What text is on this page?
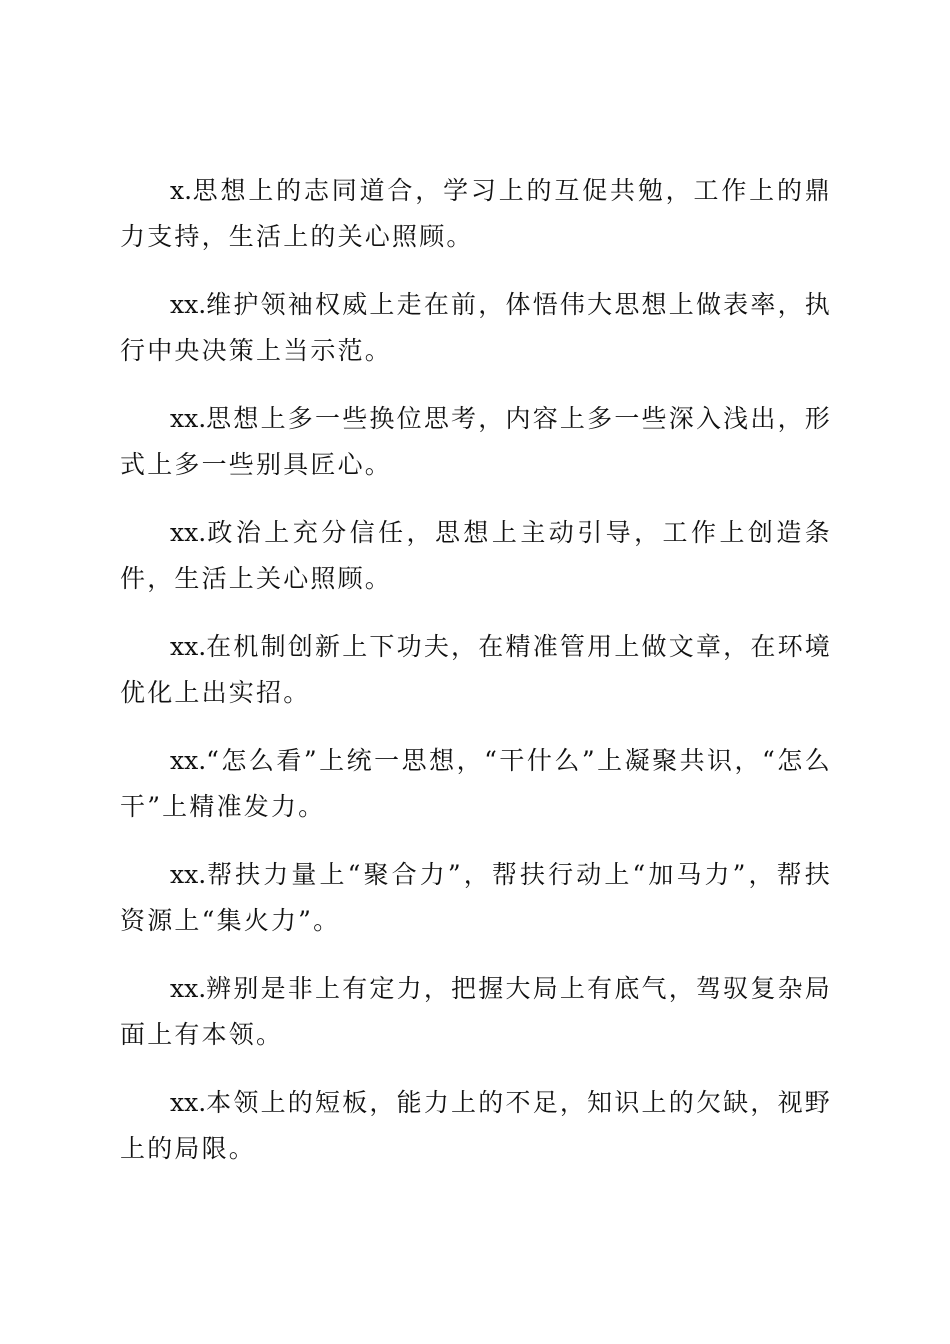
x.思想上的志同道合，学习上的互促共勉，工作上的鼎力支持，生活上的关心照顾。

xx.维护领袖权威上走在前，体悟伟大思想上做表率，执行中央决策上当示范。

xx.思想上多一些换位思考，内容上多一些深入浅出，形式上多一些别具匠心。

xx.政治上充分信任，思想上主动引导，工作上创造条件，生活上关心照顾。

xx.在机制创新上下功夫，在精准管用上做文章，在环境优化上出实招。

xx.“怎么看”上统一思想，“干什么”上凝聚共识，“怎么干”上精准发力。

xx.帮扶力量上“聚合力”，帮扶行动上“加马力”，帮扶资源上“集火力”。

xx.辨别是非上有定力，把握大局上有底气，驾驭复杂局面上有本领。

xx.本领上的短板，能力上的不足，知识上的欠缺，视野上的局限。
